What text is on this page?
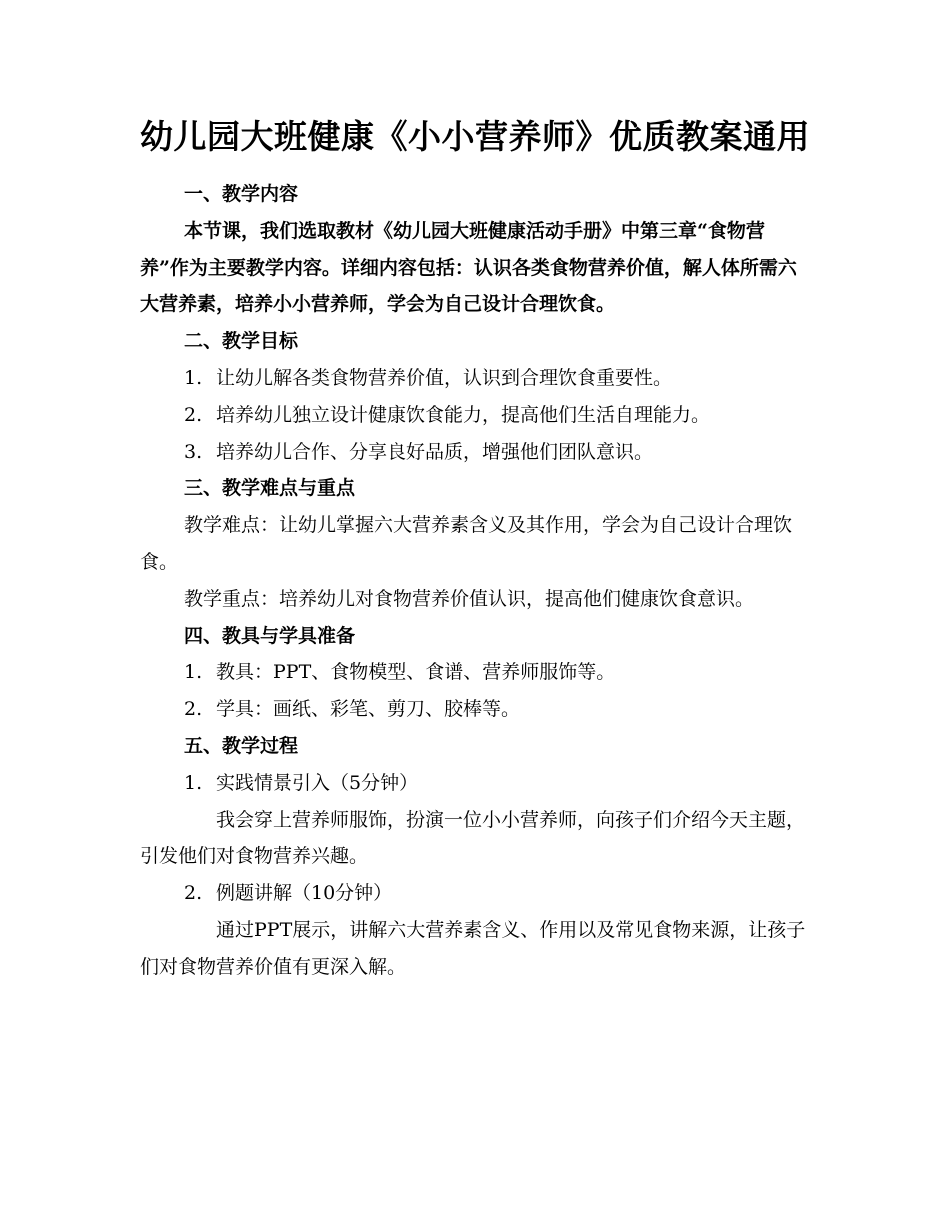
幼儿园大班健康《小小营养师》优质教案通用

一、教学内容

本节课，我们选取教材《幼儿园大班健康活动手册》中第三章“食物营养”作为主要教学内容。详细内容包括：认识各类食物营养价值，解人体所需六大营养素，培养小小营养师，学会为自己设计合理饮食。

二、教学目标

1. 让幼儿解各类食物营养价值，认识到合理饮食重要性。

2. 培养幼儿独立设计健康饮食能力，提高他们生活自理能力。

3. 培养幼儿合作、分享良好品质，增强他们团队意识。

三、教学难点与重点

教学难点：让幼儿掌握六大营养素含义及其作用，学会为自己设计合理饮食。

教学重点：培养幼儿对食物营养价值认识，提高他们健康饮食意识。

四、教具与学具准备

1. 教具：PPT、食物模型、食谱、营养师服饰等。

2. 学具：画纸、彩笔、剪刀、胶棒等。

五、教学过程

1. 实践情景引入（5分钟）

我会穿上营养师服饰，扮演一位小小营养师，向孩子们介绍今天主题，引发他们对食物营养兴趣。

2. 例题讲解（10分钟）

通过PPT展示，讲解六大营养素含义、作用以及常见食物来源，让孩子们对食物营养价值有更深入解。
